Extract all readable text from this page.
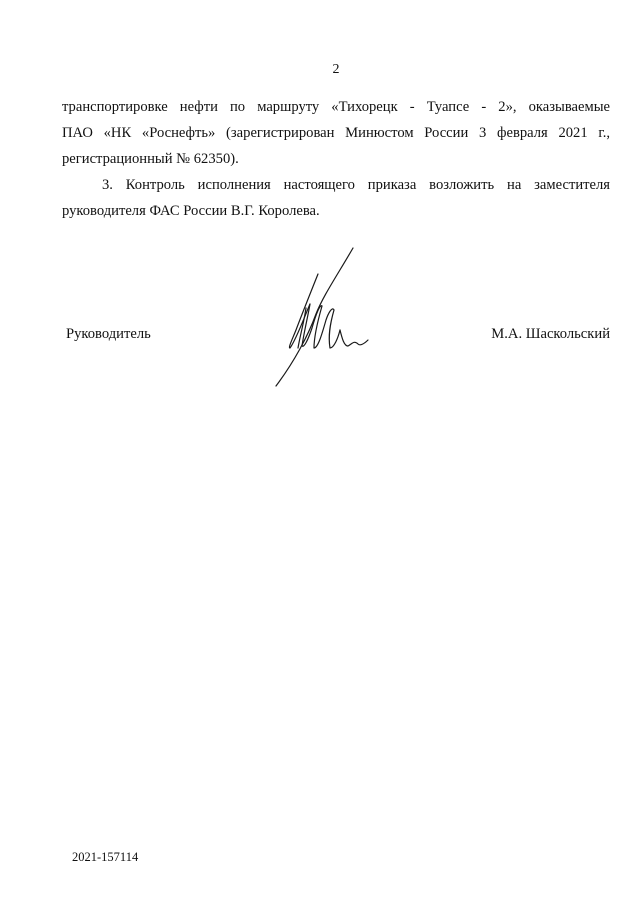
2
транспортировке нефти по маршруту «Тихорецк - Туапсе - 2», оказываемые
ПАО «НК «Роснефть» (зарегистрирован Минюстом России 3 февраля 2021 г.,
регистрационный № 62350).
3. Контроль исполнения настоящего приказа возложить на заместителя
руководителя ФАС России В.Г. Королева.
Руководитель	М.А. Шаскольский
2021-157114
